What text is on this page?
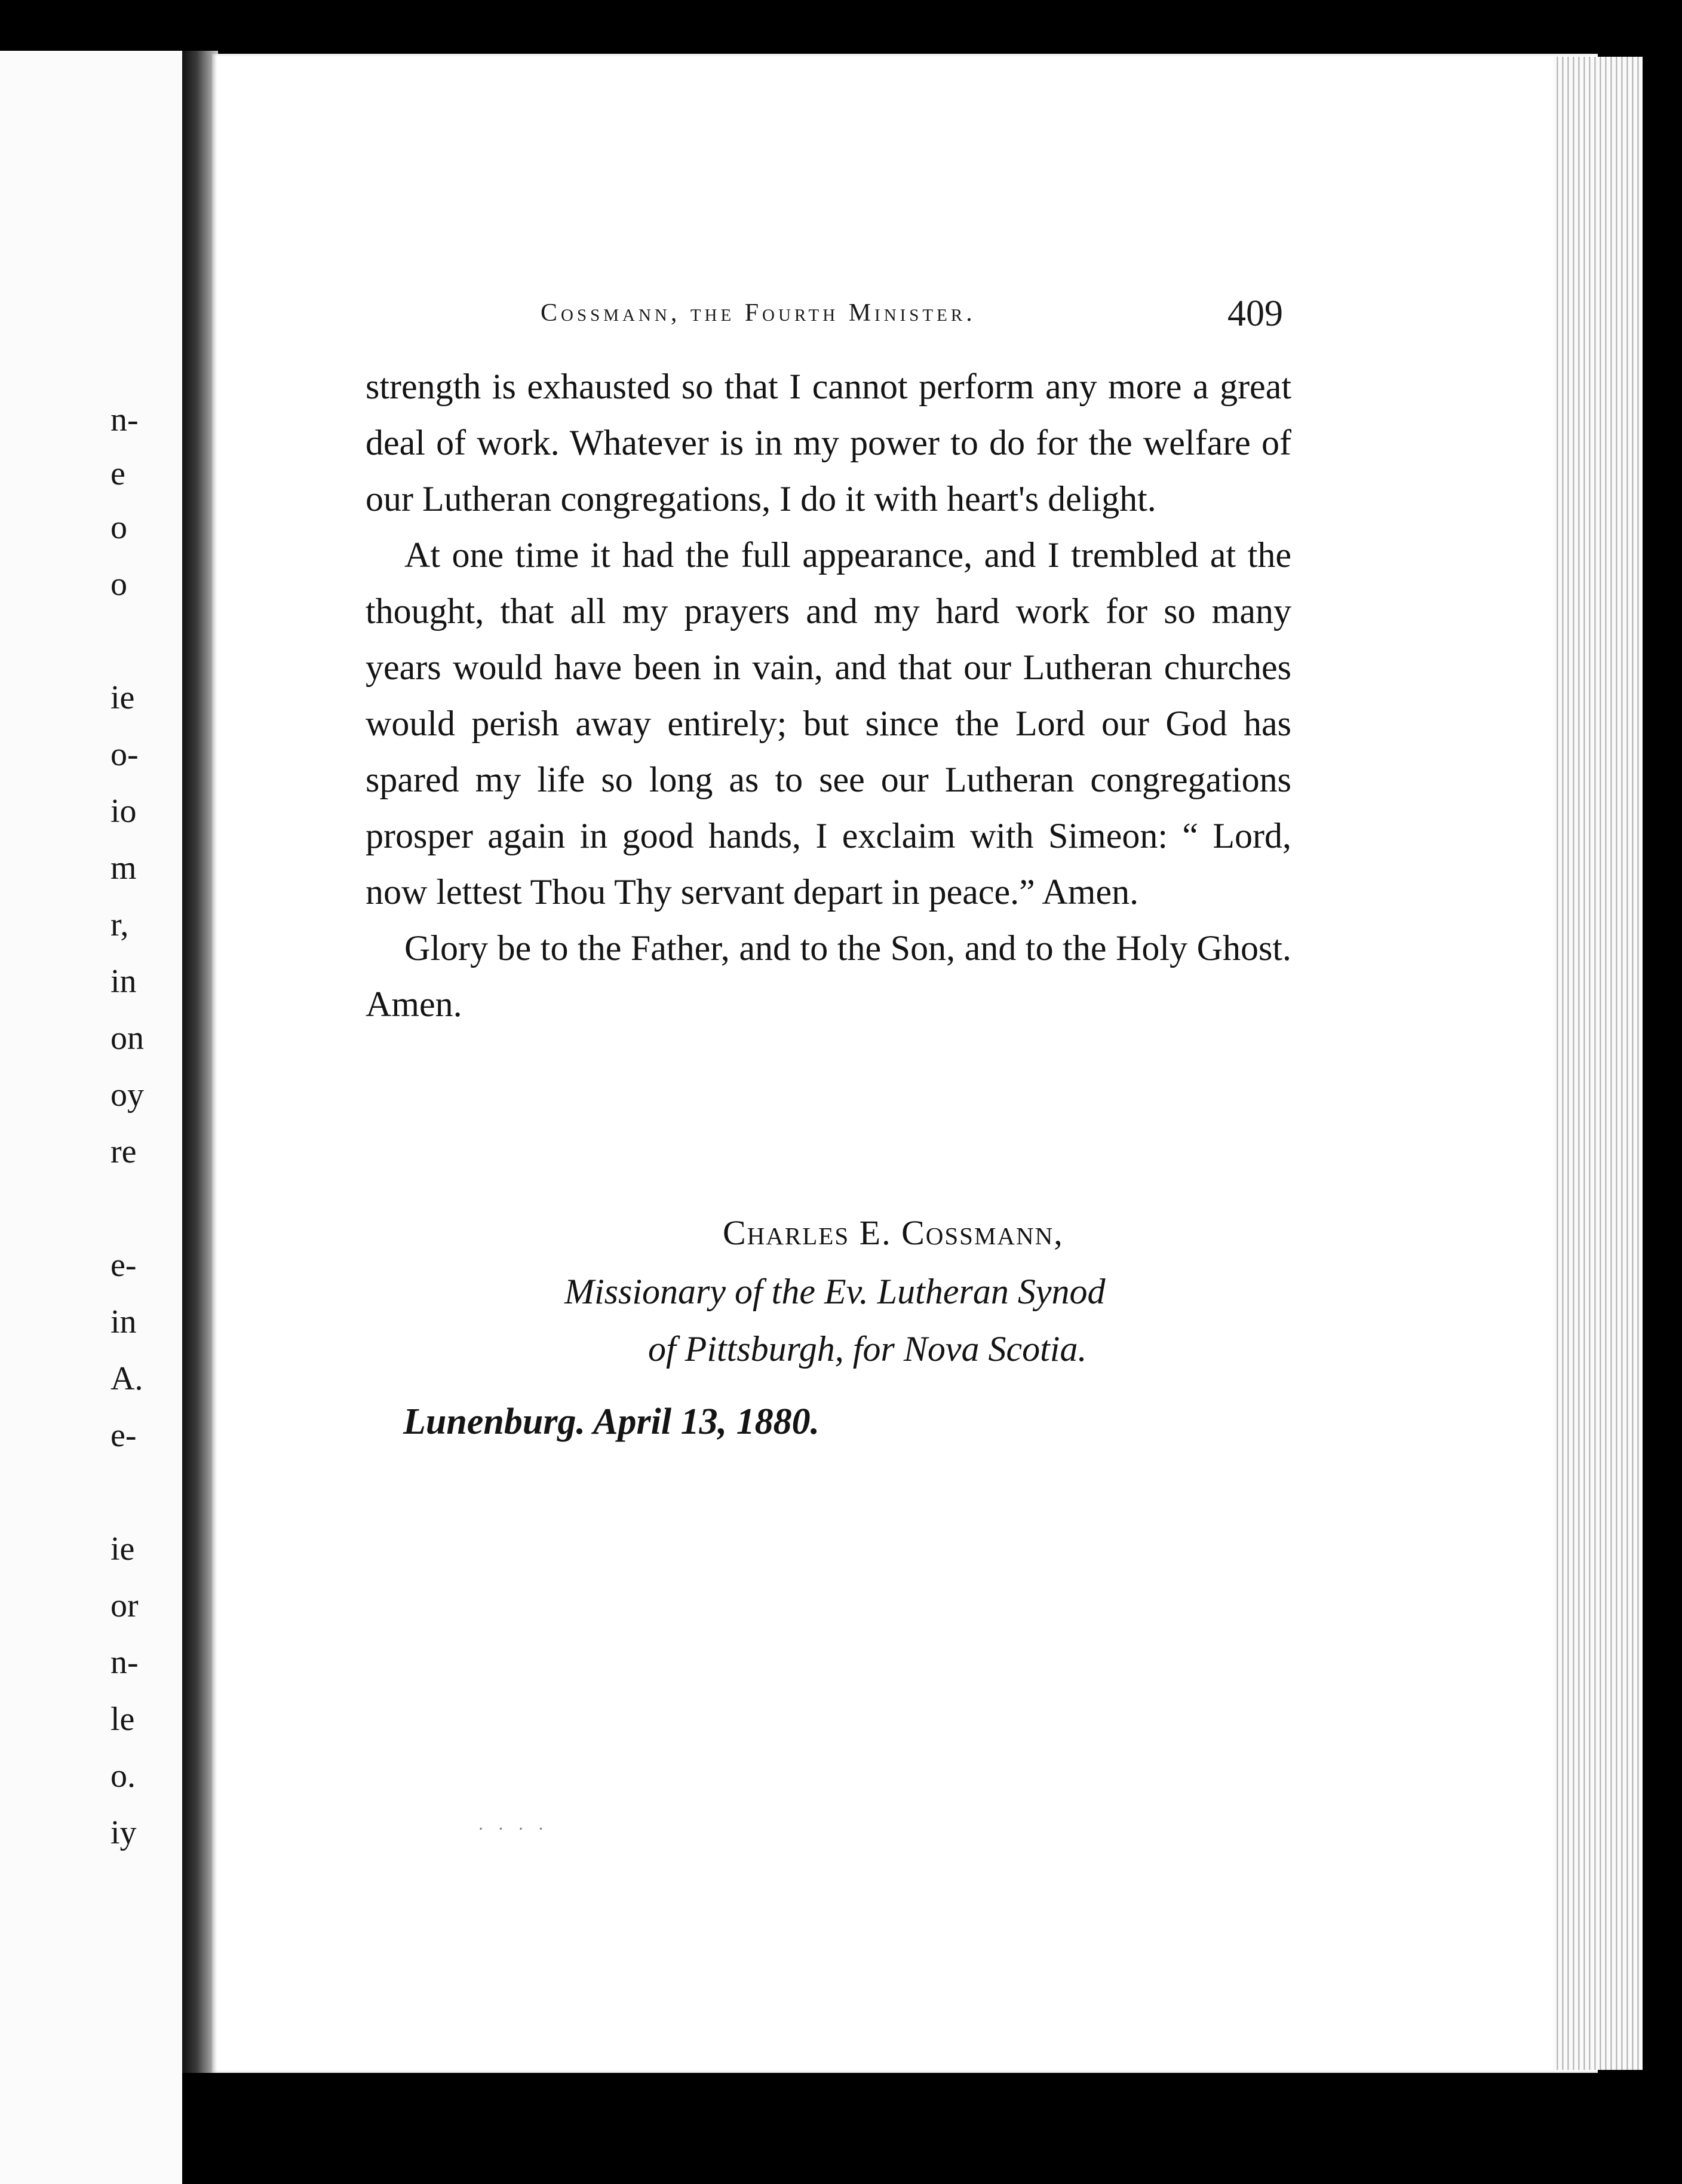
n-
e
o
o
ie
o-
io
m
r,
in
on
oy
re
e-
in
A.
e-
ie
or
n-
le
o.
iy
Cossmann, the Fourth Minister.	409

strength is exhausted so that I cannot perform any more a great deal of work. Whatever is in my power to do for the welfare of our Lutheran congregations, I do it with heart's delight.

At one time it had the full appearance, and I trembled at the thought, that all my prayers and my hard work for so many years would have been in vain, and that our Lutheran churches would perish away entirely; but since the Lord our God has spared my life so long as to see our Lutheran congregations prosper again in good hands, I exclaim with Simeon: “ Lord, now lettest Thou Thy servant depart in peace.” Amen.

Glory be to the Father, and to the Son, and to the Holy Ghost. Amen.

Charles E. Cossmann,
Missionary of the Ev. Lutheran Synod
of Pittsburgh, for Nova Scotia.
Lunenburg. April 13, 1880.
· · · ·
